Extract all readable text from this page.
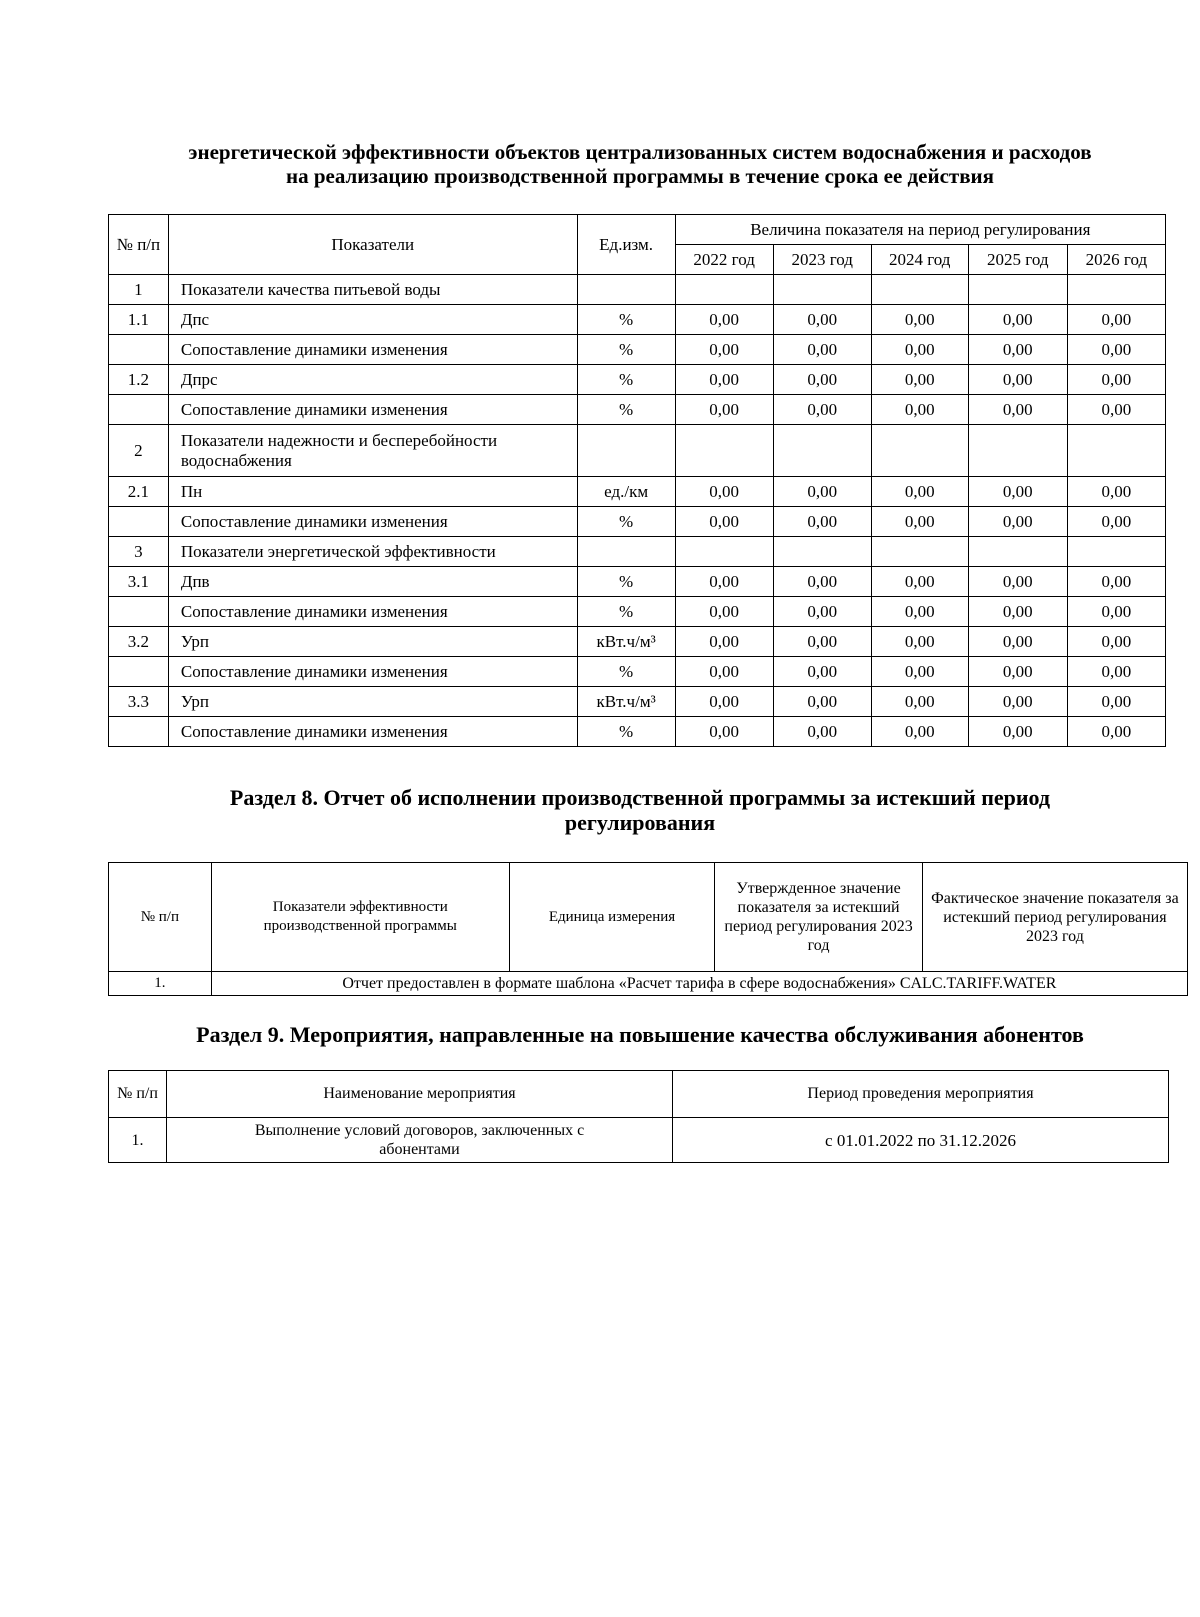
энергетической эффективности объектов централизованных систем водоснабжения и расходов
на реализацию производственной программы в течение срока ее действия
№ п/п	Показатели	Ед.изм.	Величина показателя на период регулирования				
			2022 год	2023 год	2024 год	2025 год	2026 год
1	Показатели качества питьевой воды						
1.1	Дпс	%	0,00	0,00	0,00	0,00	0,00
	Сопоставление динамики изменения	%	0,00	0,00	0,00	0,00	0,00
1.2	Дпрс	%	0,00	0,00	0,00	0,00	0,00
	Сопоставление динамики изменения	%	0,00	0,00	0,00	0,00	0,00
2	Показатели надежности и бесперебойности водоснабжения						
2.1	Пн	ед./км	0,00	0,00	0,00	0,00	0,00
	Сопоставление динамики изменения	%	0,00	0,00	0,00	0,00	0,00
3	Показатели энергетической эффективности						
3.1	Дпв	%	0,00	0,00	0,00	0,00	0,00
	Сопоставление динамики изменения	%	0,00	0,00	0,00	0,00	0,00
3.2	Урп	кВт.ч/м³	0,00	0,00	0,00	0,00	0,00
	Сопоставление динамики изменения	%	0,00	0,00	0,00	0,00	0,00
3.3	Урп	кВт.ч/м³	0,00	0,00	0,00	0,00	0,00
	Сопоставление динамики изменения	%	0,00	0,00	0,00	0,00	0,00
Раздел 8. Отчет об исполнении производственной программы за истекший период
регулирования
№ п/п	Показатели эффективности производственной программы	Единица измерения	Утвержденное значение показателя за истекший период регулирования 2023 год	Фактическое значение показателя за истекший период регулирования 2023 год
1.	Отчет предоставлен в формате шаблона «Расчет тарифа в сфере водоснабжения» CALC.TARIFF.WATER			
Раздел 9. Мероприятия, направленные на повышение качества обслуживания абонентов
№ п/п	Наименование мероприятия	Период проведения мероприятия
1.	Выполнение условий договоров, заключенных с абонентами	с 01.01.2022 по 31.12.2026
